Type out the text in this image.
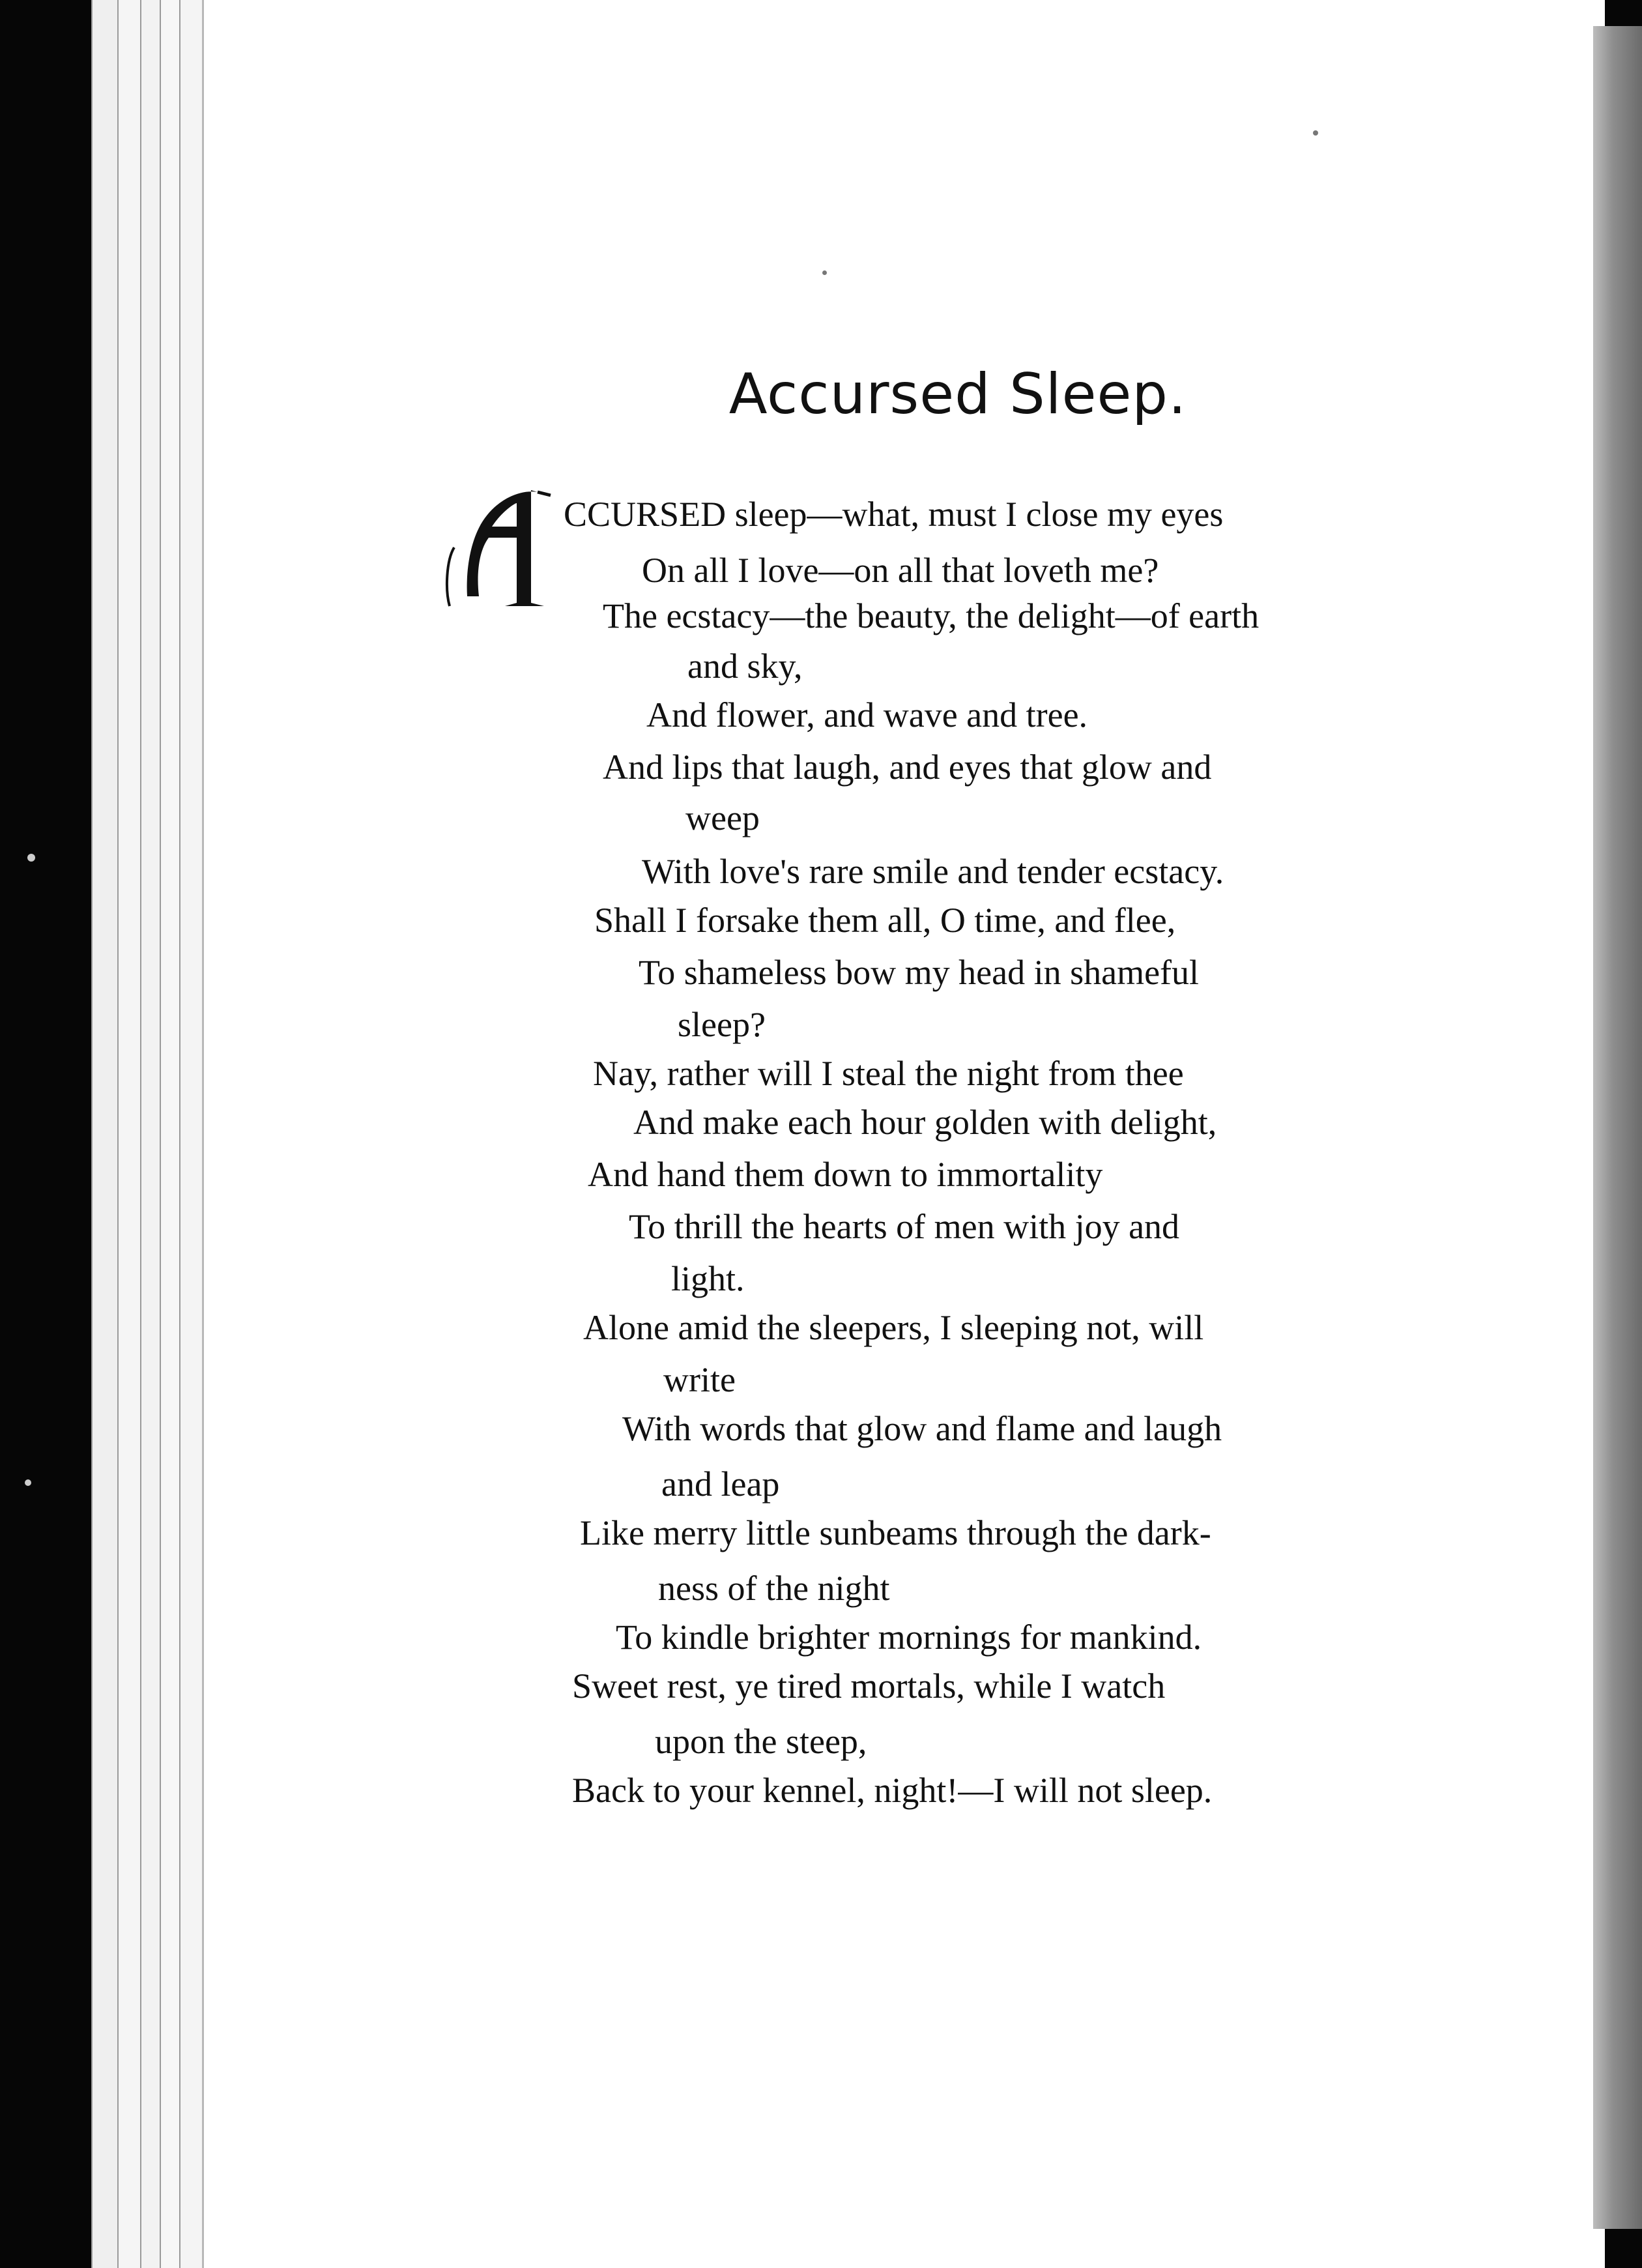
Accursed Sleep.
CCURSED sleep—what, must I close my eyes
On all I love—on all that loveth me?
The ecstacy—the beauty, the delight—of earth
and sky,
And flower, and wave and tree.
And lips that laugh, and eyes that glow and
weep
With love's rare smile and tender ecstacy.
Shall I forsake them all, O time, and flee,
To shameless bow my head in shameful
sleep?
Nay, rather will I steal the night from thee
And make each hour golden with delight,
And hand them down to immortality
To thrill the hearts of men with joy and
light.
Alone amid the sleepers, I sleeping not, will
write
With words that glow and flame and laugh
and leap
Like merry little sunbeams through the dark-
ness of the night
To kindle brighter mornings for mankind.
Sweet rest, ye tired mortals, while I watch
upon the steep,
Back to your kennel, night!—I will not sleep.
